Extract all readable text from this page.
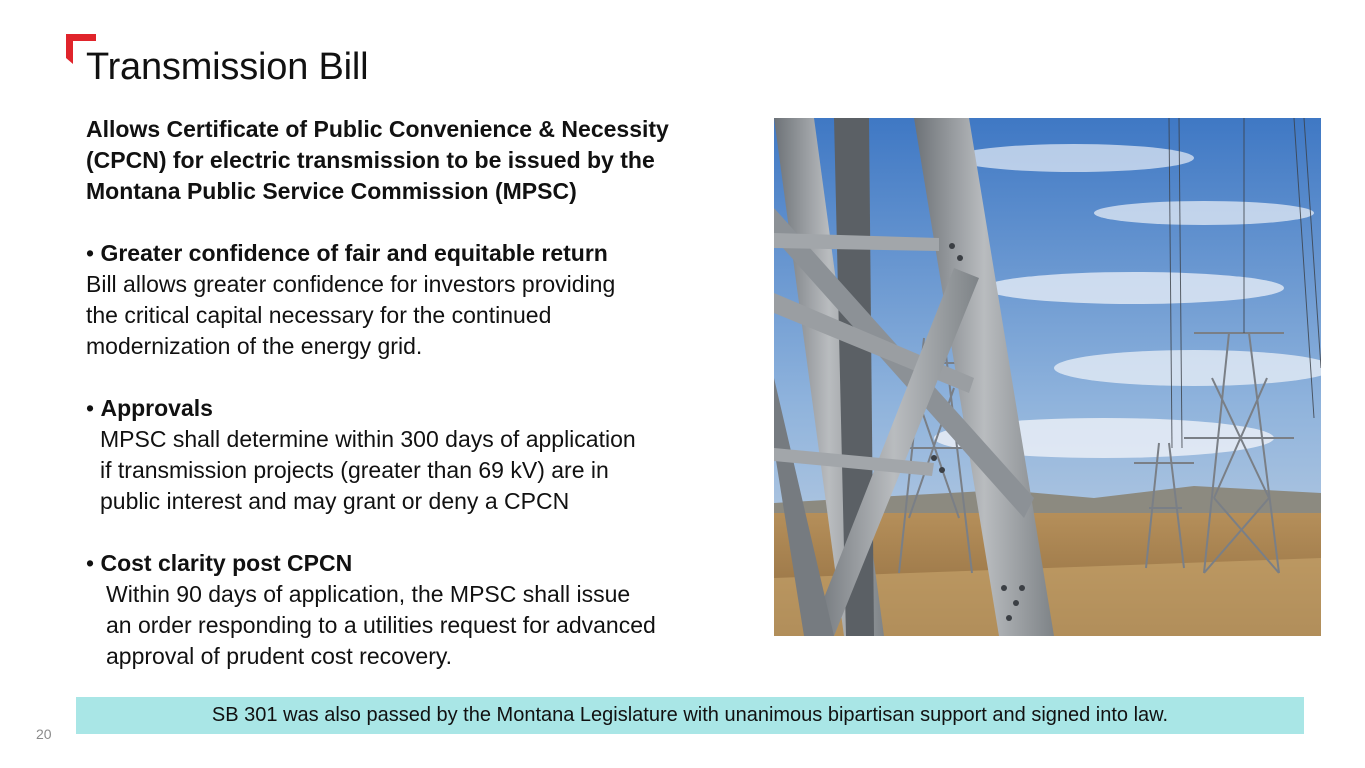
Transmission Bill

Allows Certificate of Public Convenience & Necessity (CPCN) for electric transmission to be issued by the Montana Public Service Commission (MPSC)

• Greater confidence of fair and equitable return
Bill allows greater confidence for investors providing
the critical capital necessary for the continued
modernization of the energy grid.
• Approvals
MPSC shall determine within 300 days of application
if transmission projects (greater than 69 kV) are in
public interest and may grant or deny a CPCN
• Cost clarity post CPCN
Within 90 days of application, the MPSC shall issue
an order responding to a utilities request for advanced
approval of prudent cost recovery.
SB 301 was also passed by the Montana Legislature with unanimous bipartisan support and signed into law.
20
